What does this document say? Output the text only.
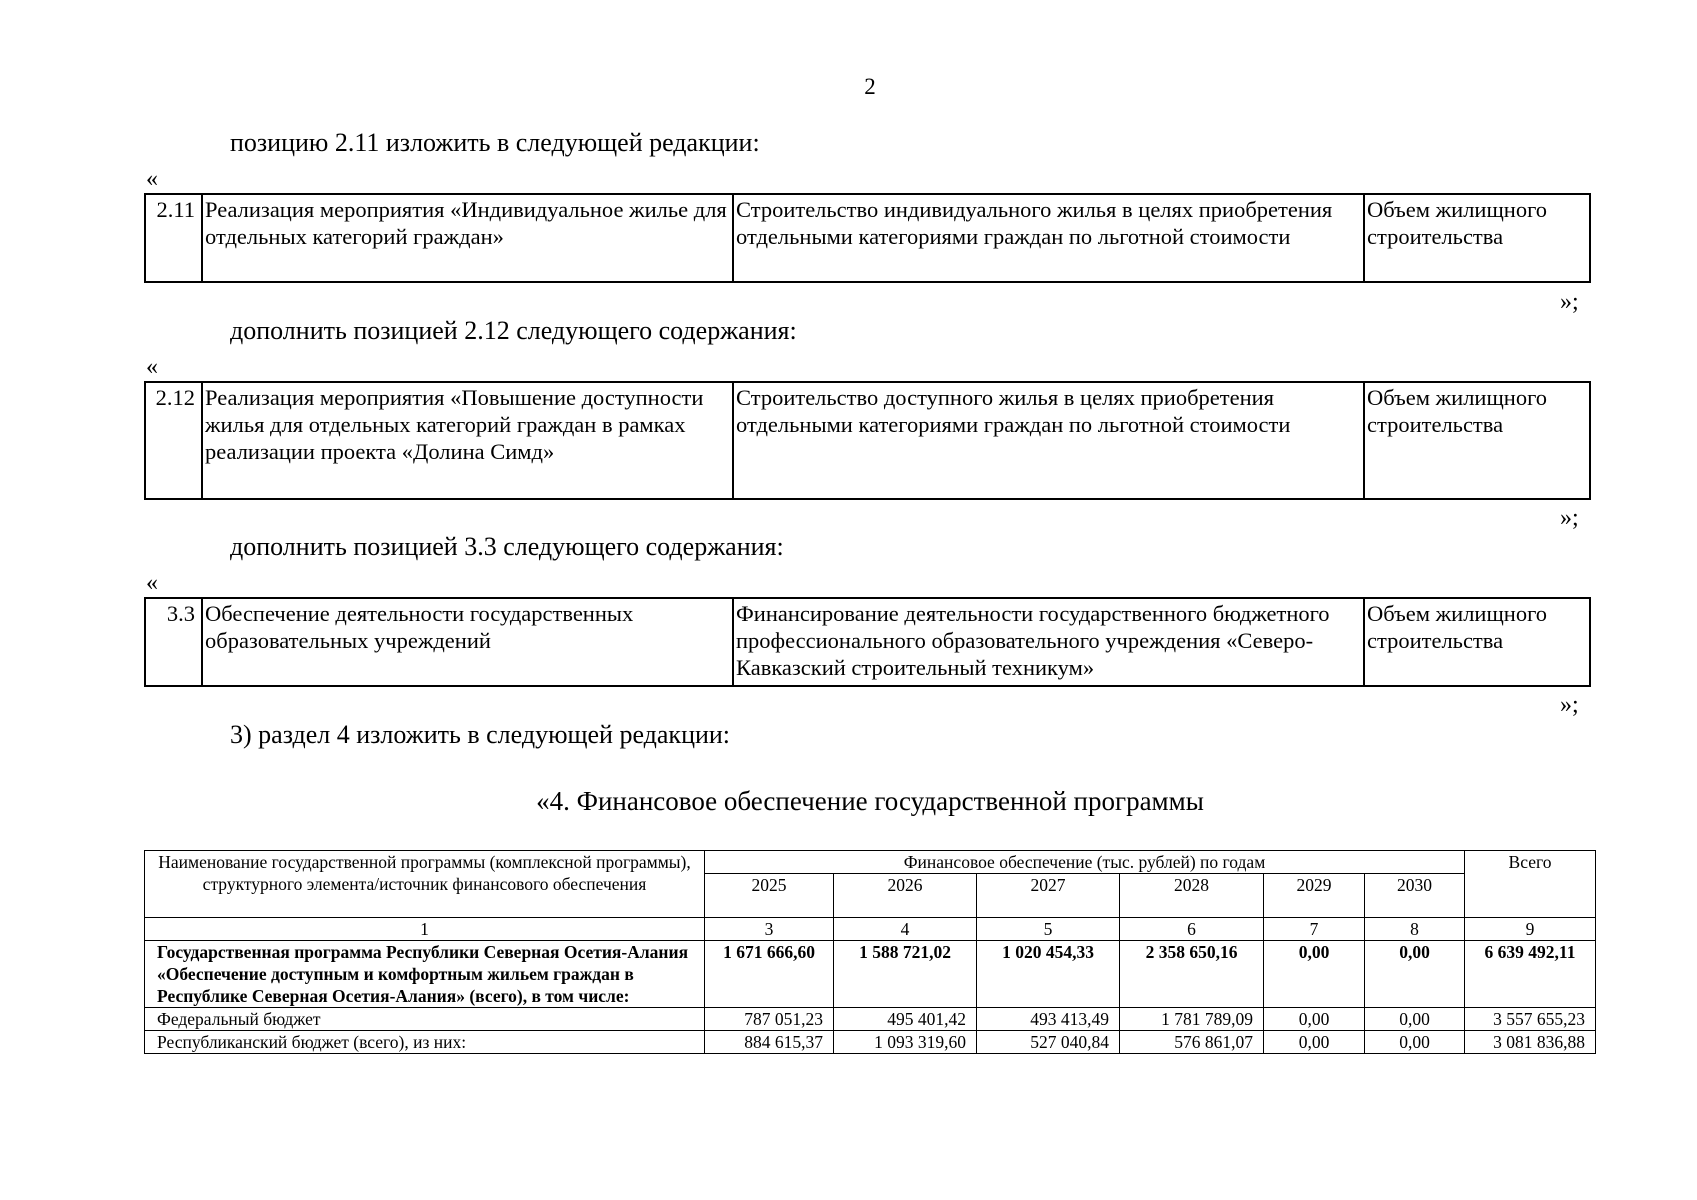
2
позицию 2.11 изложить в следующей редакции:
«
2.11	Реализация мероприятия «Индивидуальное жилье для отдельных категорий граждан»	Строительство индивидуального жилья в целях приобретения отдельными категориями граждан по льготной стоимости	Объем жилищного строительства
»;
дополнить позицией 2.12 следующего содержания:
«
2.12	Реализация мероприятия «Повышение доступности жилья для отдельных категорий граждан в рамках реализации проекта «Долина Симд»	Строительство доступного жилья в целях приобретения отдельными категориями граждан по льготной стоимости	Объем жилищного строительства
»;
дополнить позицией 3.3 следующего содержания:
«
3.3	Обеспечение деятельности государственных образовательных учреждений	Финансирование деятельности государственного бюджетного профессионального образовательного учреждения «Северо-Кавказский строительный техникум»	Объем жилищного строительства
»;
3) раздел 4 изложить в следующей редакции:
«4. Финансовое обеспечение государственной программы
Наименование государственной программы (комплексной программы), структурного элемента/источник финансового обеспечения	Финансовое обеспечение (тыс. рублей) по годам						Всего
	2025	2026	2027	2028	2029	2030	
1	3	4	5	6	7	8	9
Государственная программа Республики Северная Осетия-Алания «Обеспечение доступным и комфортным жильем граждан в Республике Северная Осетия-Алания» (всего), в том числе:	1 671 666,60	1 588 721,02	1 020 454,33	2 358 650,16	0,00	0,00	6 639 492,11
Федеральный бюджет	787 051,23	495 401,42	493 413,49	1 781 789,09	0,00	0,00	3 557 655,23
Республиканский бюджет (всего), из них:	884 615,37	1 093 319,60	527 040,84	576 861,07	0,00	0,00	3 081 836,88
